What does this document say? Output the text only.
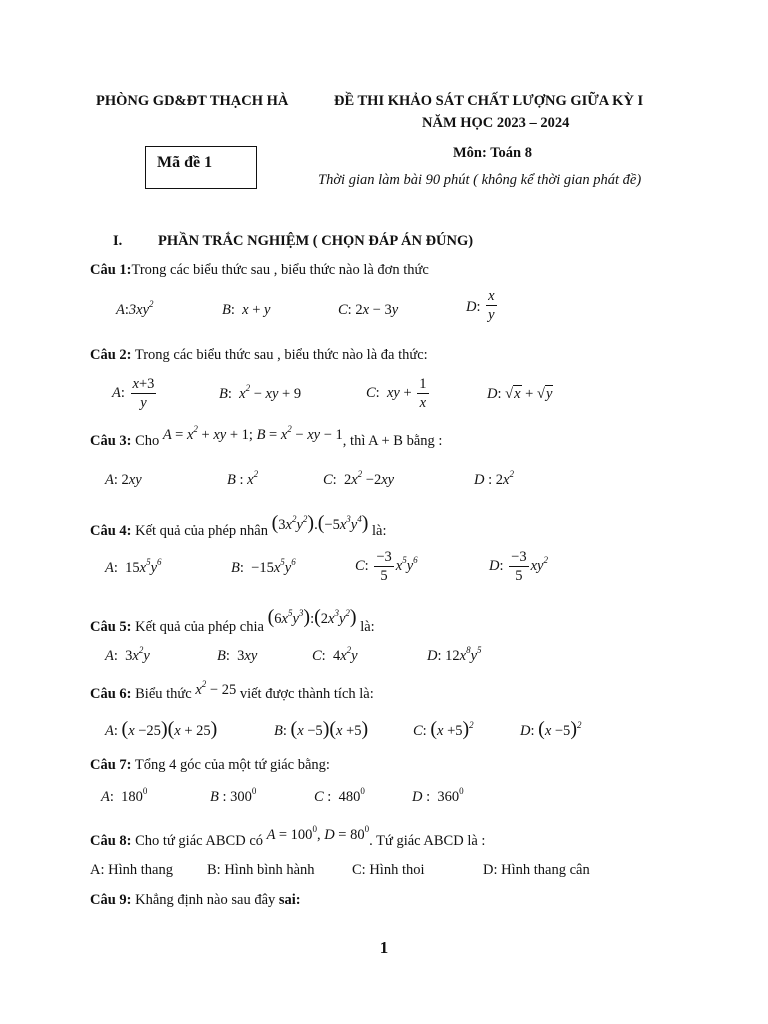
PHÒNG GD&ĐT THẠCH HÀ	ĐỀ THI KHẢO SÁT CHẤT LƯỢNG GIỮA KỲ I
NĂM HỌC 2023 – 2024
Mã đề 1
Môn: Toán 8
Thời gian làm bài 90 phút ( không kể thời gian phát đề)
I. PHẦN TRẮC NGHIỆM ( CHỌN ĐÁP ÁN ĐÚNG)
Câu 1:Trong các biểu thức sau , biểu thức nào là đơn thức
$A:3xy^2$	B:  x + y	C: 2x − 3y	D: $\frac{x}{y}$
Câu 2: Trong các biểu thức sau , biểu thức nào là đa thức:
A: $\frac{x+3}{y}$	B:  $x^2$ − xy + 9	C:  xy + $\frac{1}{x}$	D: √x + √y
Câu 3: Cho $A = x^2$ + xy + 1; $B = x^2$ − xy − 1, thì A + B bằng :
A: 2xy	B : $x^2$	C:  $2x^2 -2xy$	D : $2x^2$
Câu 4: Kết quả của phép nhân $(3x^2y^2).(-5x^3y^4)$ là:
A:  $15x^5y^6$	B:  $-15x^5y^6$	C: $\frac{-3}{5} x^5y^6$	D: $\frac{-3}{5} xy^2$
Câu 5: Kết quả của phép chia $(6x^5y^3):(2x^3y^2)$ là:
A:  $3x^2y$	B:  3xy	C:  $4x^2y$	D: $12x^8y^5$
Câu 6: Biểu thức $x^2 - 25$ viết được thành tích là:
A: (x −25)(x + 25)	B: (x −5)(x +5)	C: $(x +5)^2$	D: $(x -5)^2$
Câu 7: Tổng 4 góc của một tứ giác bằng:
A:  $180^0$	B : $300^0$	C :  $480^0$	D :  $360^0$
Câu 8: Cho tứ giác ABCD có $A = 100^0$, $D = 80^0$. Tứ giác ABCD là :
A: Hình thang B: Hình bình hành	C: Hình thoi	D: Hình thang cân
Câu 9: Khẳng định nào sau đây sai:
1
